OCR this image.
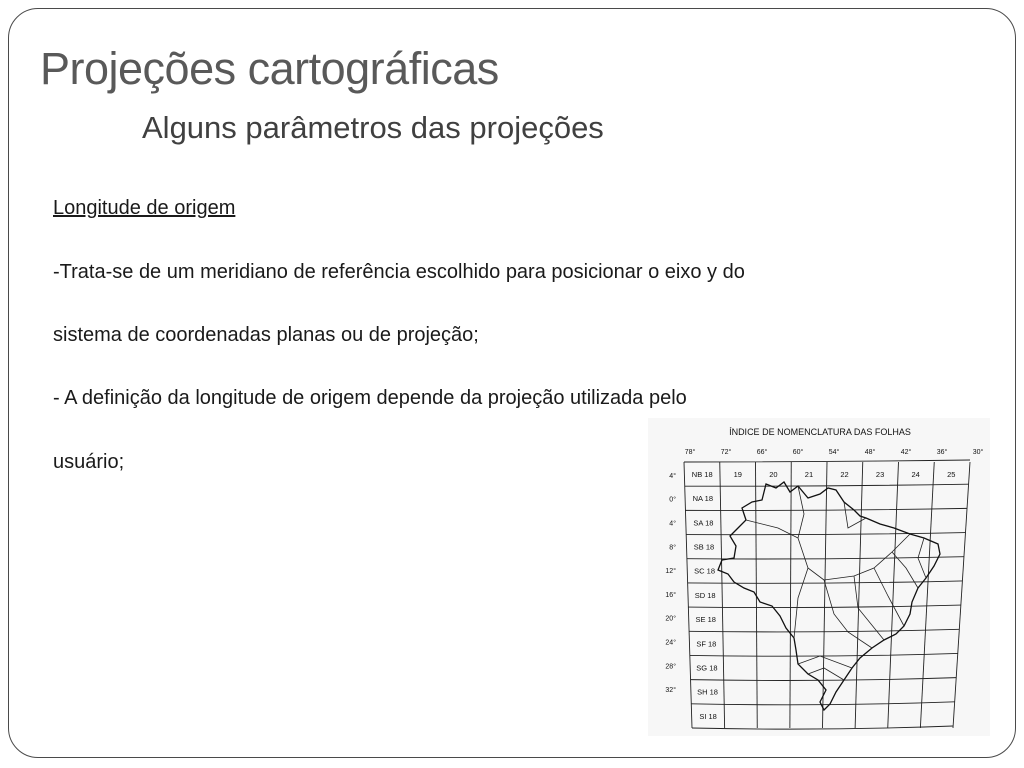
Projeções cartográficas
Alguns parâmetros das projeções
Longitude de origem
-Trata-se de um meridiano de referência escolhido para posicionar o eixo y do
sistema de coordenadas planas ou de projeção;
- A definição da longitude de origem depende da projeção utilizada pelo
usuário;
ÍNDICE DE NOMENCLATURA DAS FOLHAS
78°	72°	66°	60°	54°	48°	42°	36°	30°
4°
0°
4°
8°
12°
16°
20°
24°
28°
32°
NB 18
NA 18
SA 18
SB 18
SC 18
SD 18
SE 18
SF 18
SG 18
SH 18
SI 18
19	20	21	22	23	24	25
